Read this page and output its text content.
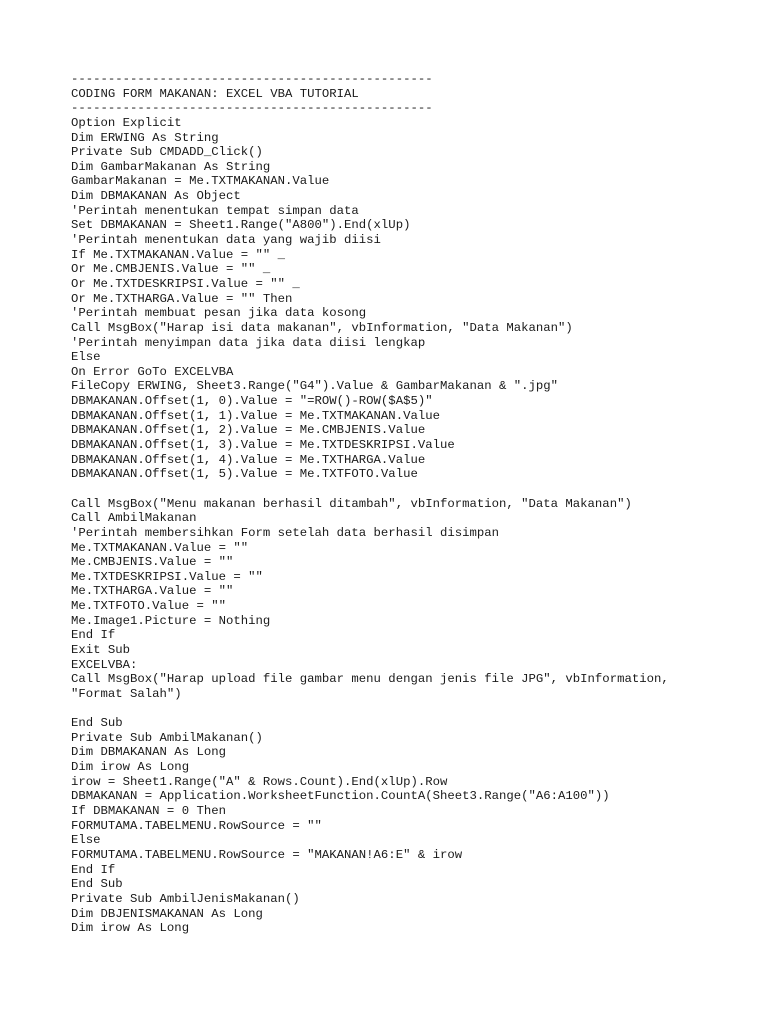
-------------------------------------------------
CODING FORM MAKANAN: EXCEL VBA TUTORIAL
-------------------------------------------------
Option Explicit
Dim ERWING As String
Private Sub CMDADD_Click()
Dim GambarMakanan As String
GambarMakanan = Me.TXTMAKANAN.Value
Dim DBMAKANAN As Object
'Perintah menentukan tempat simpan data
Set DBMAKANAN = Sheet1.Range("A800").End(xlUp)
'Perintah menentukan data yang wajib diisi
If Me.TXTMAKANAN.Value = "" _
Or Me.CMBJENIS.Value = "" _
Or Me.TXTDESKRIPSI.Value = "" _
Or Me.TXTHARGA.Value = "" Then
'Perintah membuat pesan jika data kosong
Call MsgBox("Harap isi data makanan", vbInformation, "Data Makanan")
'Perintah menyimpan data jika data diisi lengkap
Else
On Error GoTo EXCELVBA
FileCopy ERWING, Sheet3.Range("G4").Value & GambarMakanan & ".jpg"
DBMAKANAN.Offset(1, 0).Value = "=ROW()-ROW($A$5)"
DBMAKANAN.Offset(1, 1).Value = Me.TXTMAKANAN.Value
DBMAKANAN.Offset(1, 2).Value = Me.CMBJENIS.Value
DBMAKANAN.Offset(1, 3).Value = Me.TXTDESKRIPSI.Value
DBMAKANAN.Offset(1, 4).Value = Me.TXTHARGA.Value
DBMAKANAN.Offset(1, 5).Value = Me.TXTFOTO.Value
Call MsgBox("Menu makanan berhasil ditambah", vbInformation, "Data Makanan")
Call AmbilMakanan
'Perintah membersihkan Form setelah data berhasil disimpan
Me.TXTMAKANAN.Value = ""
Me.CMBJENIS.Value = ""
Me.TXTDESKRIPSI.Value = ""
Me.TXTHARGA.Value = ""
Me.TXTFOTO.Value = ""
Me.Image1.Picture = Nothing
End If
Exit Sub
EXCELVBA:
Call MsgBox("Harap upload file gambar menu dengan jenis file JPG", vbInformation,
"Format Salah")
End Sub
Private Sub AmbilMakanan()
Dim DBMAKANAN As Long
Dim irow As Long
irow = Sheet1.Range("A" & Rows.Count).End(xlUp).Row
DBMAKANAN = Application.WorksheetFunction.CountA(Sheet3.Range("A6:A100"))
If DBMAKANAN = 0 Then
FORMUTAMA.TABELMENU.RowSource = ""
Else
FORMUTAMA.TABELMENU.RowSource = "MAKANAN!A6:E" & irow
End If
End Sub
Private Sub AmbilJenisMakanan()
Dim DBJENISMAKANAN As Long
Dim irow As Long
